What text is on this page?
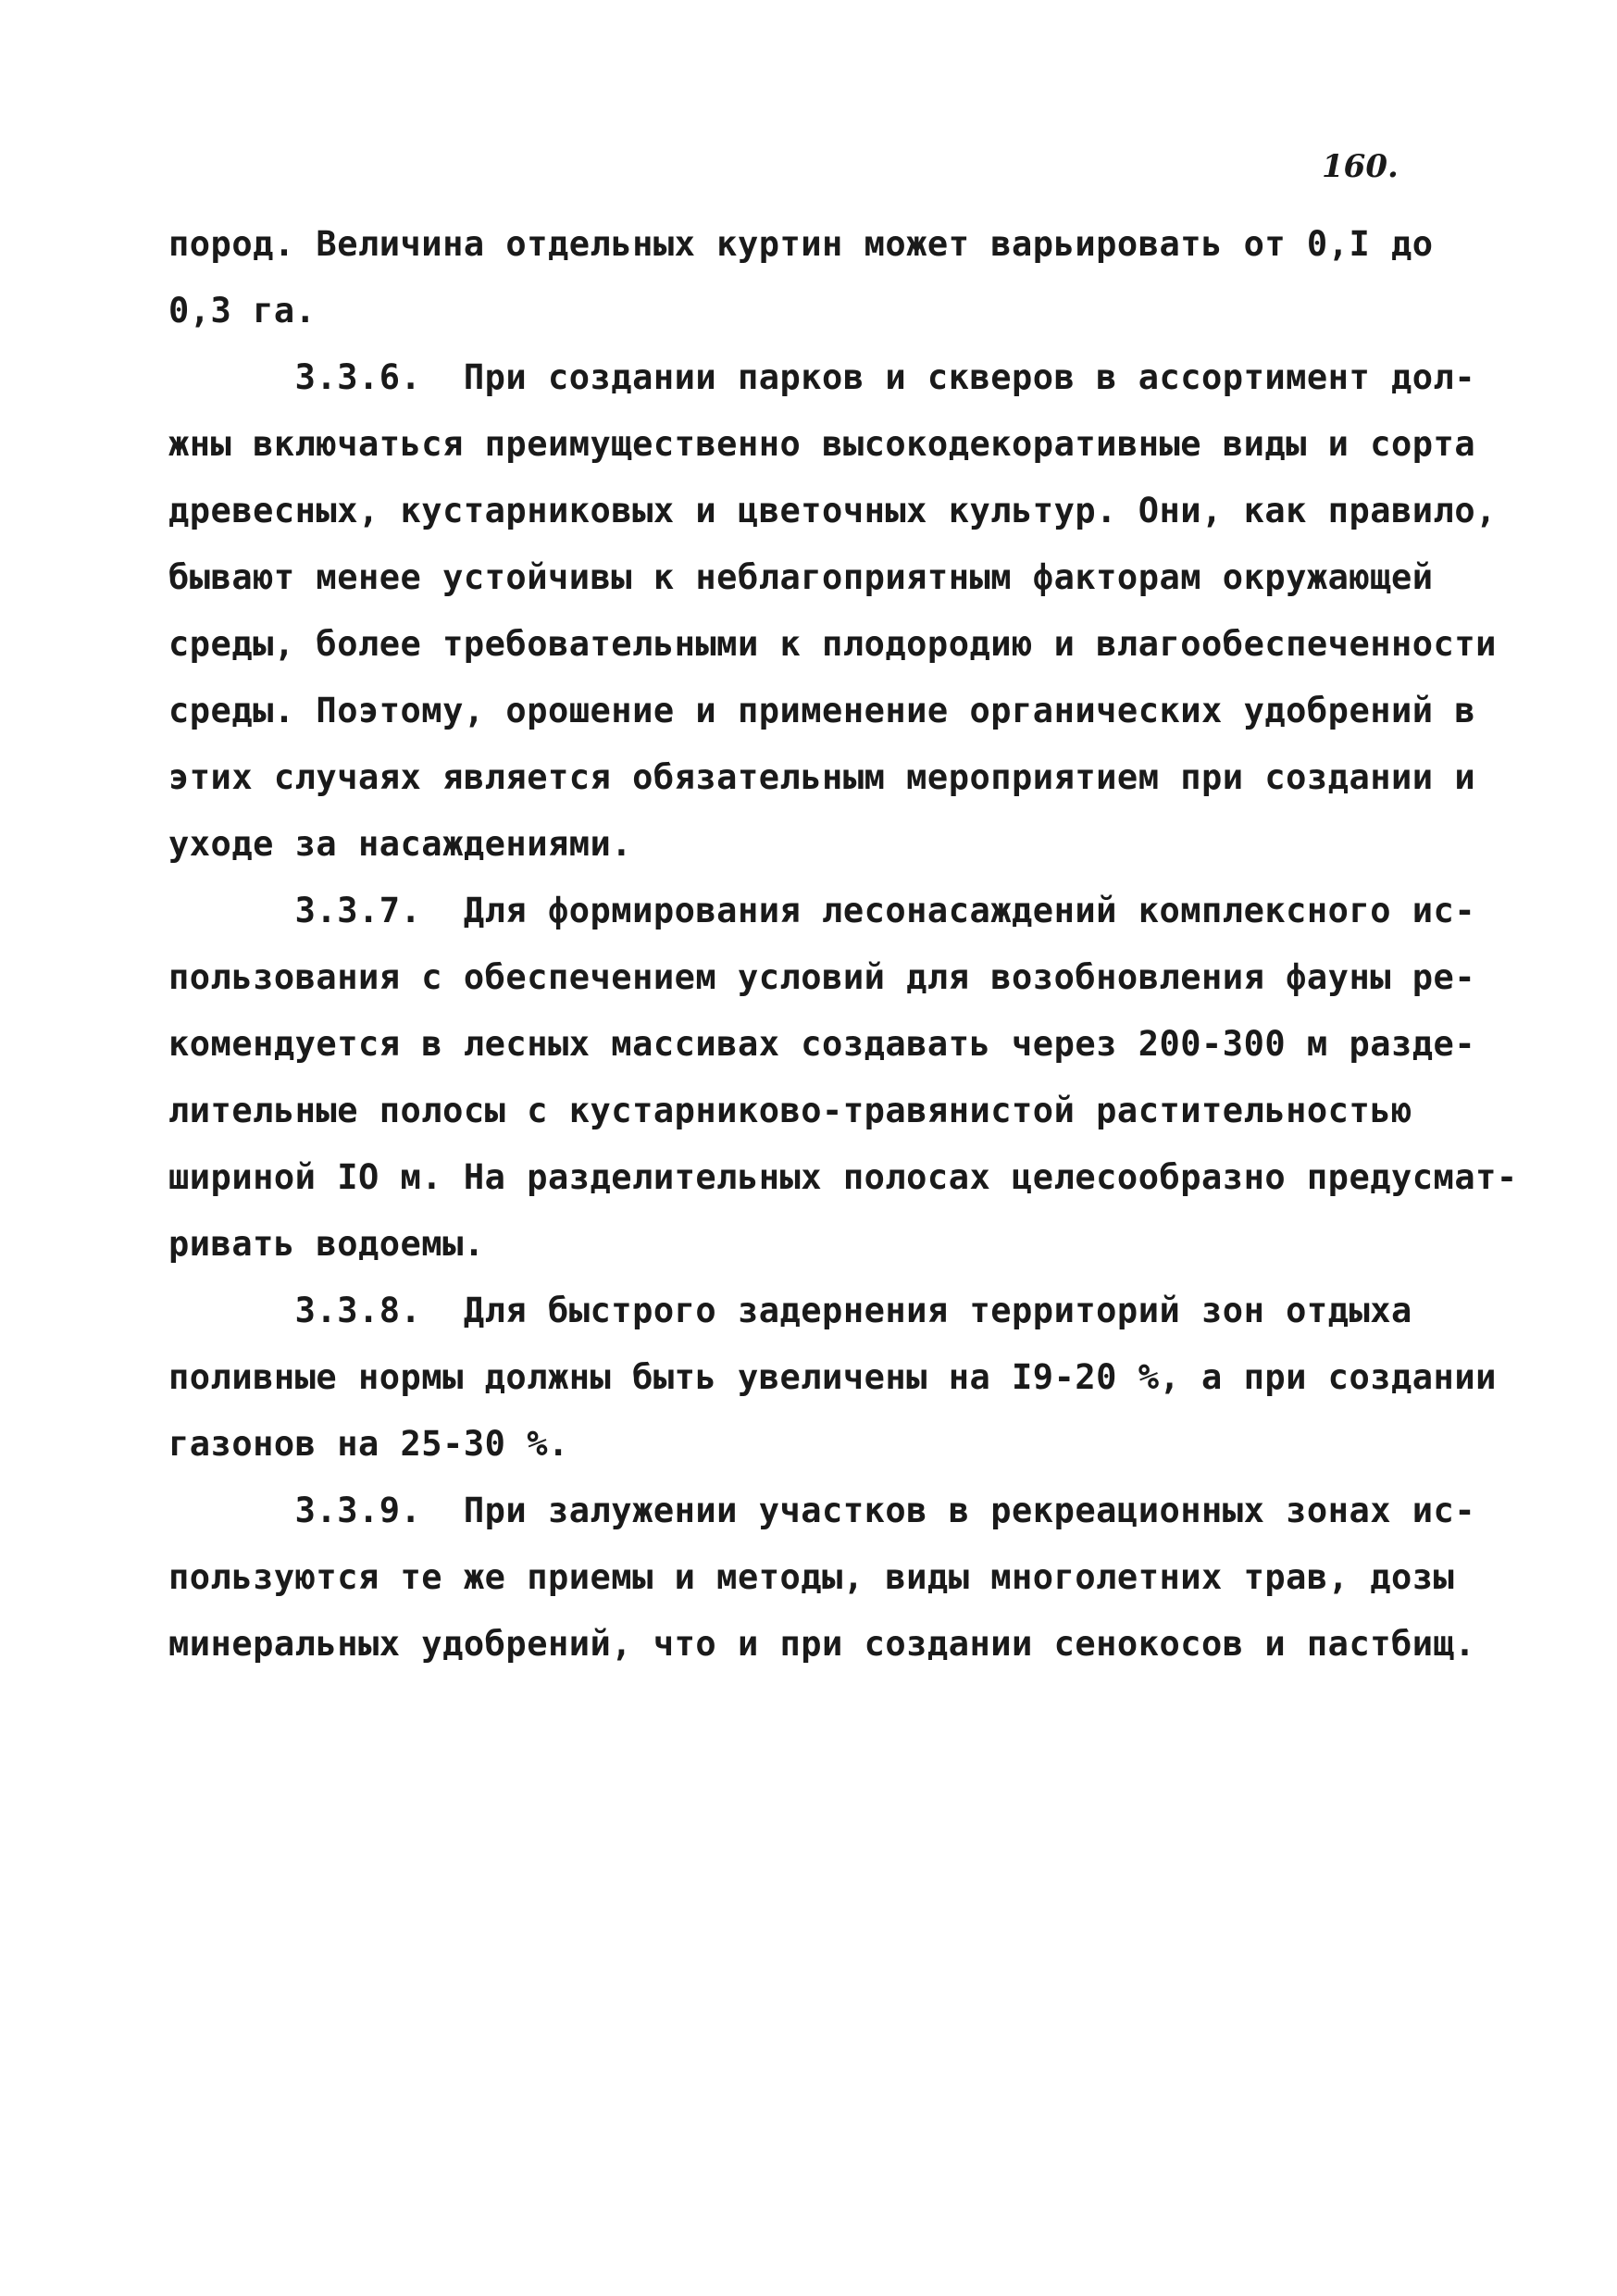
160.

пород. Величина отдельных куртин может варьировать от 0,I до

0,3 га.

3.3.6.  При создании парков и скверов в ассортимент дол-

жны включаться преимущественно высокодекоративные виды и сорта

древесных, кустарниковых и цветочных культур. Они, как правило,

бывают менее устойчивы к неблагоприятным факторам окружающей

среды, более требовательными к плодородию и влагообеспеченности

среды. Поэтому, орошение и применение органических удобрений в

этих случаях является обязательным мероприятием при создании и

уходе за насаждениями.

3.3.7.  Для формирования лесонасаждений комплексного ис-

пользования с обеспечением условий для возобновления фауны ре-

комендуется в лесных массивах создавать через 200-300 м разде-

лительные полосы с кустарниково-травянистой растительностью

шириной IO м. На разделительных полосах целесообразно предусмат-

ривать водоемы.

3.3.8.  Для быстрого задернения территорий зон отдыха

поливные нормы должны быть увеличены на I9-20 %, а при создании

газонов на 25-30 %.

3.3.9.  При залужении участков в рекреационных зонах ис-

пользуются те же приемы и методы, виды многолетних трав, дозы

минеральных удобрений, что и при создании сенокосов и пастбищ.
